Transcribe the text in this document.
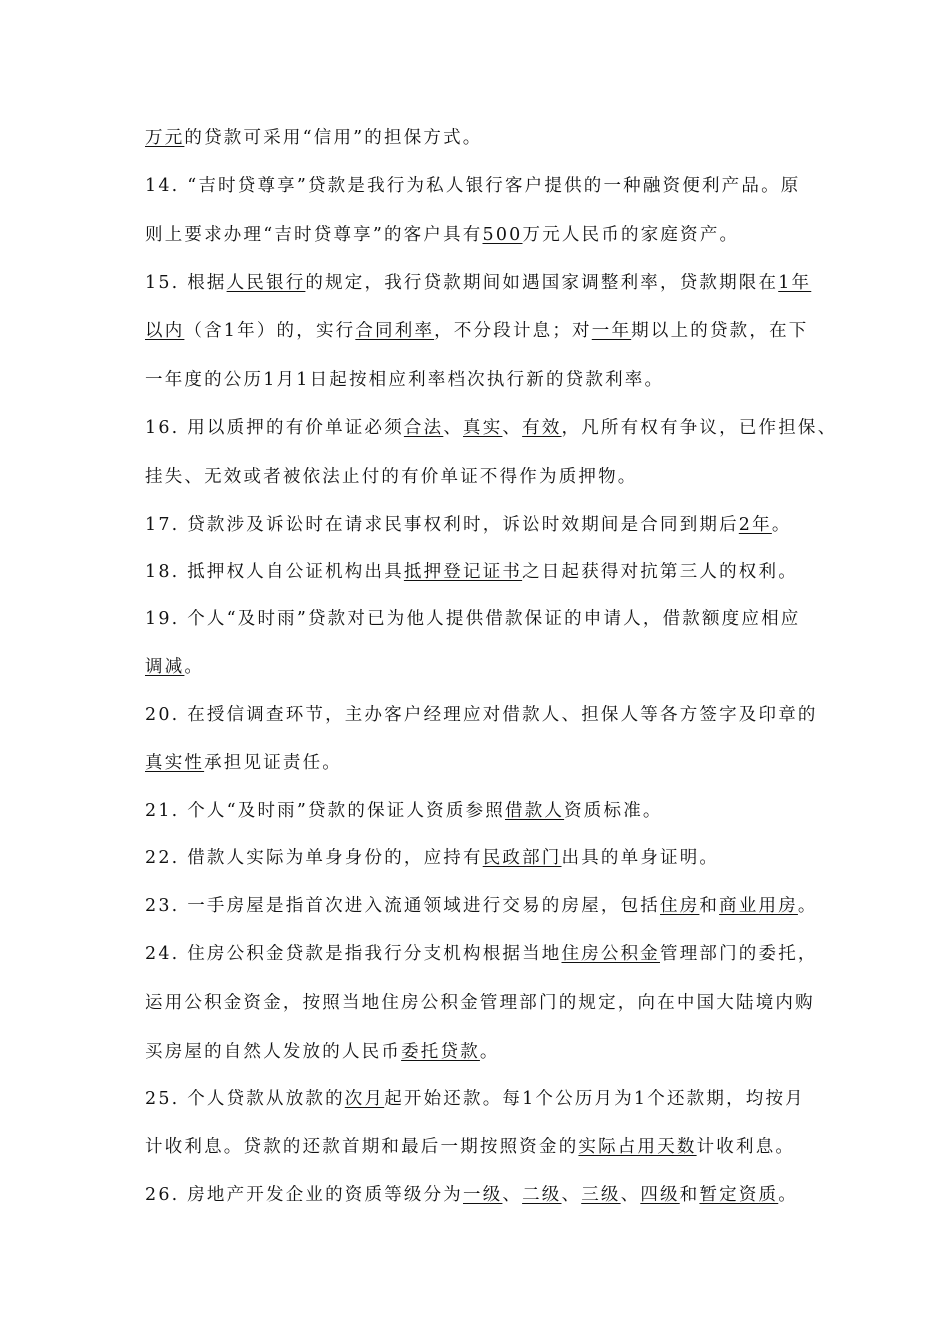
万元的贷款可采用“信用”的担保方式。
14. “吉时贷尊享”贷款是我行为私人银行客户提供的一种融资便利产品。原
则上要求办理“吉时贷尊享”的客户具有500万元人民币的家庭资产。
15. 根据人民银行的规定，我行贷款期间如遇国家调整利率，贷款期限在1年
以内（含1年）的，实行合同利率，不分段计息；对一年期以上的贷款，在下
一年度的公历1月1日起按相应利率档次执行新的贷款利率。
16. 用以质押的有价单证必须合法、真实、有效，凡所有权有争议，已作担保、
挂失、无效或者被依法止付的有价单证不得作为质押物。
17. 贷款涉及诉讼时在请求民事权利时，诉讼时效期间是合同到期后2年。
18. 抵押权人自公证机构出具抵押登记证书之日起获得对抗第三人的权利。
19. 个人“及时雨”贷款对已为他人提供借款保证的申请人，借款额度应相应
调减。
20. 在授信调查环节，主办客户经理应对借款人、担保人等各方签字及印章的
真实性承担见证责任。
21. 个人“及时雨”贷款的保证人资质参照借款人资质标准。
22. 借款人实际为单身身份的，应持有民政部门出具的单身证明。
23. 一手房屋是指首次进入流通领域进行交易的房屋，包括住房和商业用房。
24. 住房公积金贷款是指我行分支机构根据当地住房公积金管理部门的委托，
运用公积金资金，按照当地住房公积金管理部门的规定，向在中国大陆境内购
买房屋的自然人发放的人民币委托贷款。
25. 个人贷款从放款的次月起开始还款。每1个公历月为1个还款期，均按月
计收利息。贷款的还款首期和最后一期按照资金的实际占用天数计收利息。
26. 房地产开发企业的资质等级分为一级、二级、三级、四级和暂定资质。
